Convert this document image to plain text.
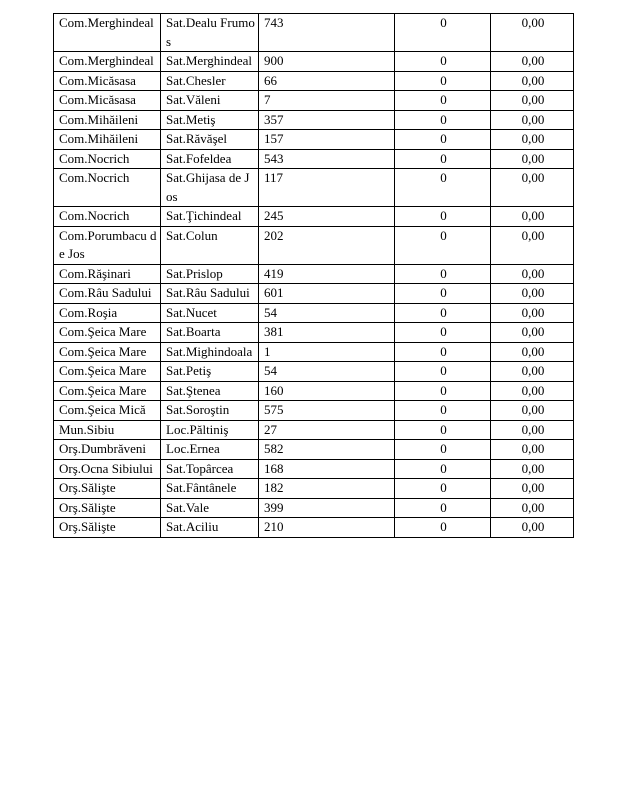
Com.Merghindeal	Sat.Dealu Frumos	743	0	0,00
Com.Merghindeal	Sat.Merghindeal	900	0	0,00
Com.Micăsasa	Sat.Chesler	66	0	0,00
Com.Micăsasa	Sat.Văleni	7	0	0,00
Com.Mihăileni	Sat.Metiş	357	0	0,00
Com.Mihăileni	Sat.Răvăşel	157	0	0,00
Com.Nocrich	Sat.Fofeldea	543	0	0,00
Com.Nocrich	Sat.Ghijasa de Jos	117	0	0,00
Com.Nocrich	Sat.Ţichindeal	245	0	0,00
Com.Porumbacu de Jos	Sat.Colun	202	0	0,00
Com.Răşinari	Sat.Prislop	419	0	0,00
Com.Râu Sadului	Sat.Râu Sadului	601	0	0,00
Com.Roşia	Sat.Nucet	54	0	0,00
Com.Şeica Mare	Sat.Boarta	381	0	0,00
Com.Şeica Mare	Sat.Mighindoala	1	0	0,00
Com.Şeica Mare	Sat.Petiş	54	0	0,00
Com.Şeica Mare	Sat.Ştenea	160	0	0,00
Com.Şeica Mică	Sat.Soroştin	575	0	0,00
Mun.Sibiu	Loc.Păltiniş	27	0	0,00
Orş.Dumbrăveni	Loc.Ernea	582	0	0,00
Orş.Ocna Sibiului	Sat.Topârcea	168	0	0,00
Orş.Sălişte	Sat.Fântânele	182	0	0,00
Orş.Sălişte	Sat.Vale	399	0	0,00
Orş.Sălişte	Sat.Aciliu	210	0	0,00
